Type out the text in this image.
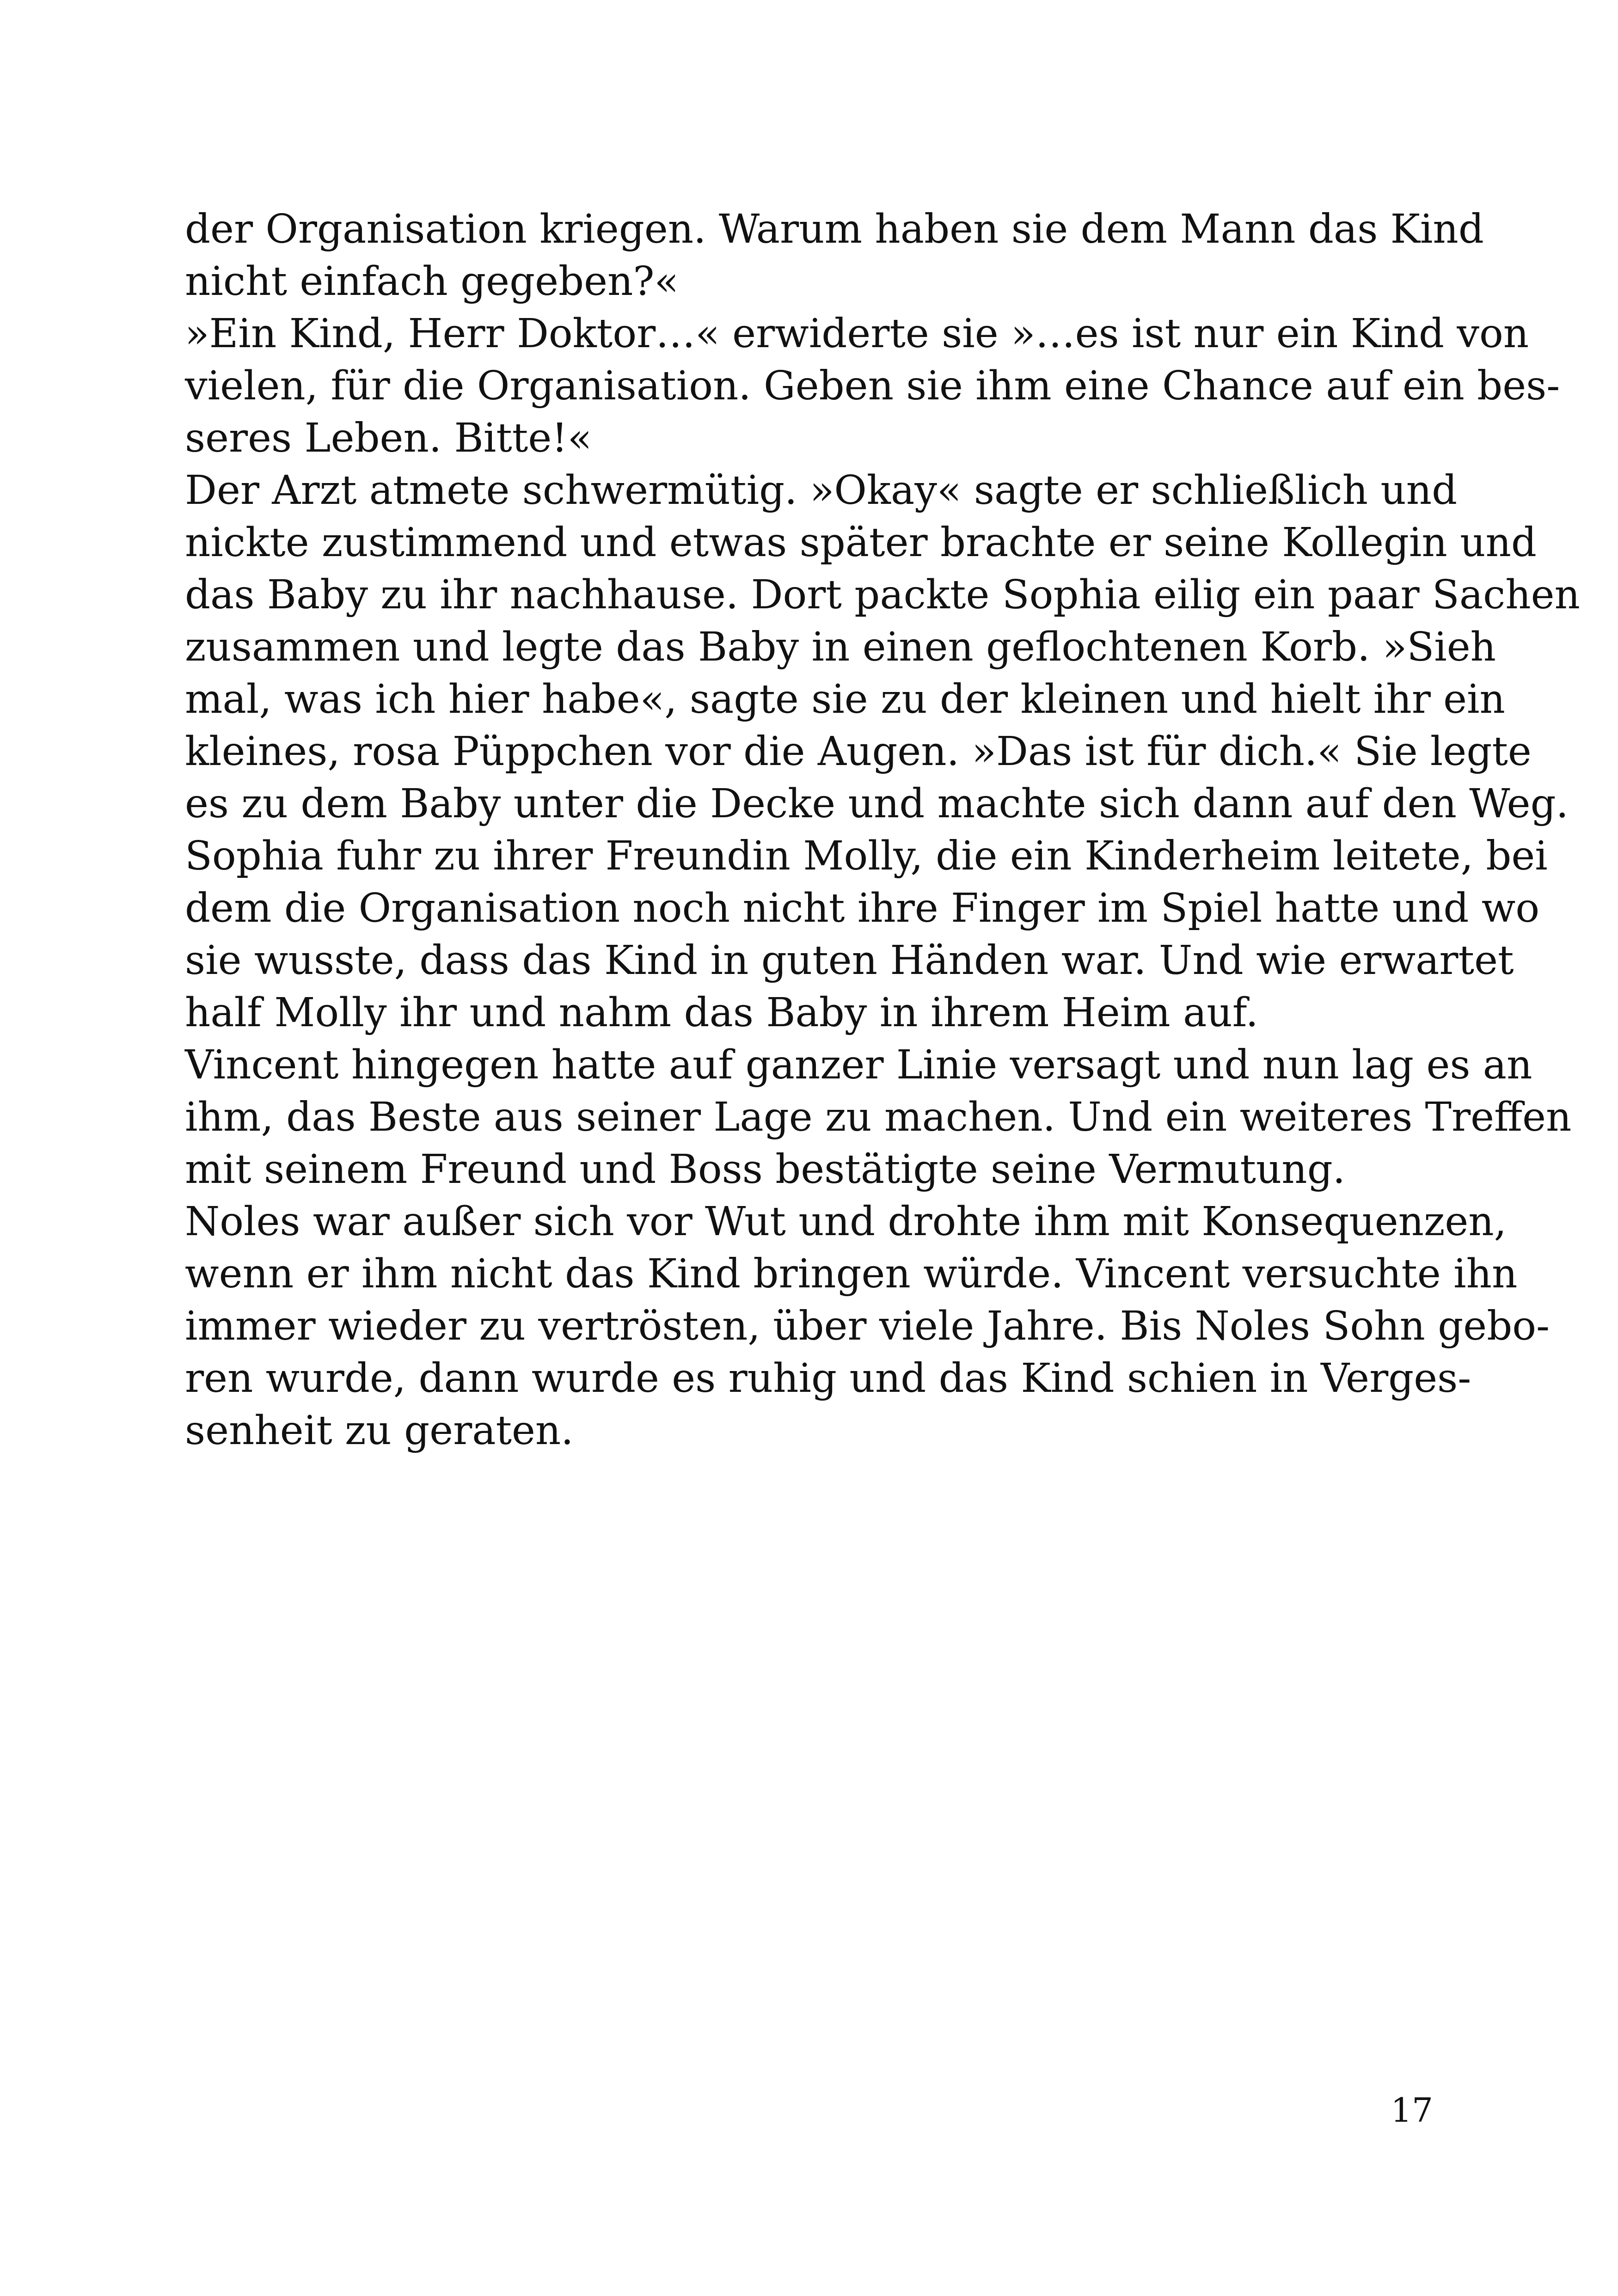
der Organisation kriegen. Warum haben sie dem Mann das Kind
nicht einfach gegeben?«
»Ein Kind, Herr Doktor…« erwiderte sie »…es ist nur ein Kind von
vielen, für die Organisation. Geben sie ihm eine Chance auf ein bes-
seres Leben. Bitte!«
Der Arzt atmete schwermütig. »Okay« sagte er schließlich und
nickte zustimmend und etwas später brachte er seine Kollegin und
das Baby zu ihr nachhause. Dort packte Sophia eilig ein paar Sachen
zusammen und legte das Baby in einen geflochtenen Korb. »Sieh
mal, was ich hier habe«, sagte sie zu der kleinen und hielt ihr ein
kleines, rosa Püppchen vor die Augen. »Das ist für dich.« Sie legte
es zu dem Baby unter die Decke und machte sich dann auf den Weg.
Sophia fuhr zu ihrer Freundin Molly, die ein Kinderheim leitete, bei
dem die Organisation noch nicht ihre Finger im Spiel hatte und wo
sie wusste, dass das Kind in guten Händen war. Und wie erwartet
half Molly ihr und nahm das Baby in ihrem Heim auf.
Vincent hingegen hatte auf ganzer Linie versagt und nun lag es an
ihm, das Beste aus seiner Lage zu machen. Und ein weiteres Treffen
mit seinem Freund und Boss bestätigte seine Vermutung.
Noles war außer sich vor Wut und drohte ihm mit Konsequenzen,
wenn er ihm nicht das Kind bringen würde. Vincent versuchte ihn
immer wieder zu vertrösten, über viele Jahre. Bis Noles Sohn gebo-
ren wurde, dann wurde es ruhig und das Kind schien in Verges-
senheit zu geraten.
17
